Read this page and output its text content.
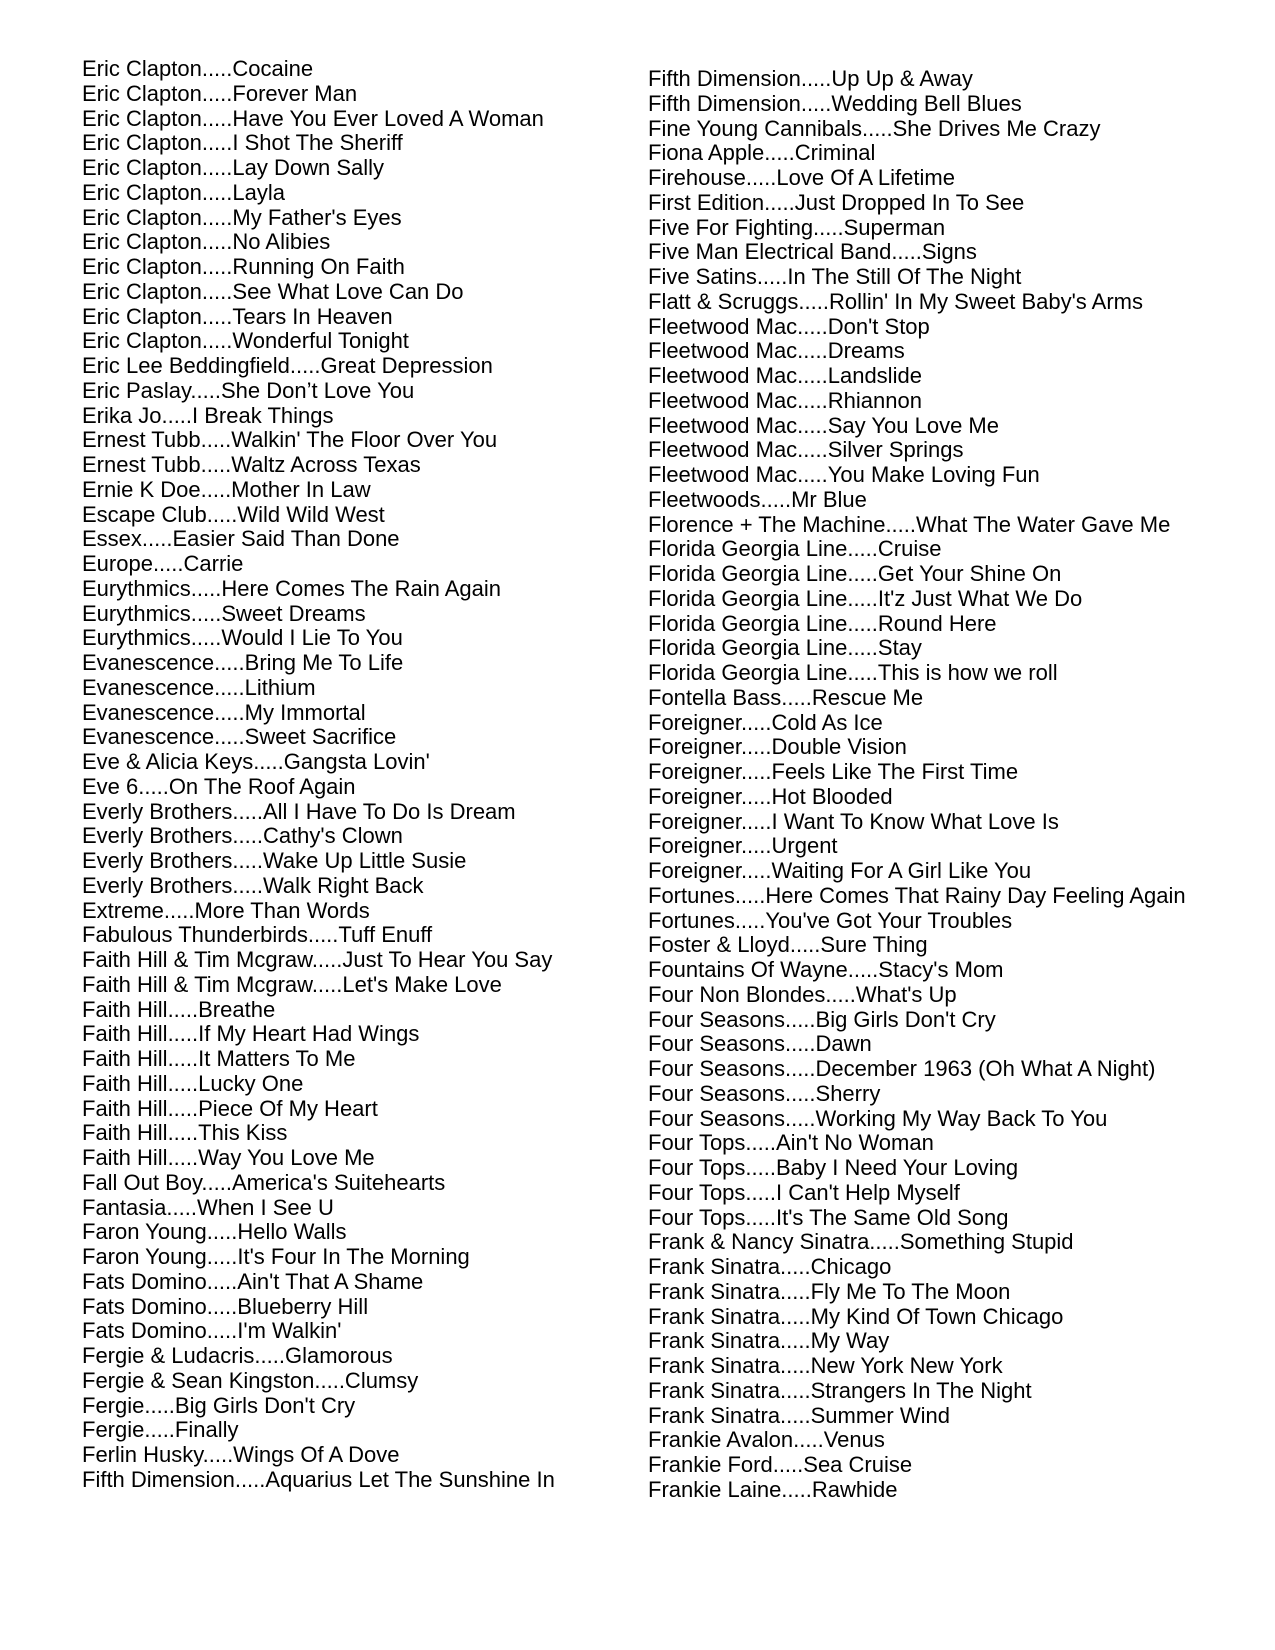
Eric Clapton.....Cocaine
Eric Clapton.....Forever Man
Eric Clapton.....Have You Ever Loved A Woman
Eric Clapton.....I Shot The Sheriff
Eric Clapton.....Lay Down Sally
Eric Clapton.....Layla
Eric Clapton.....My Father's Eyes
Eric Clapton.....No Alibies
Eric Clapton.....Running On Faith
Eric Clapton.....See What Love Can Do
Eric Clapton.....Tears In Heaven
Eric Clapton.....Wonderful Tonight
Eric Lee Beddingfield.....Great Depression
Eric Paslay.....She Don’t Love You
Erika Jo.....I Break Things
Ernest Tubb.....Walkin' The Floor Over You
Ernest Tubb.....Waltz Across Texas
Ernie K Doe.....Mother In Law
Escape Club.....Wild Wild West
Essex.....Easier Said Than Done
Europe.....Carrie
Eurythmics.....Here Comes The Rain Again
Eurythmics.....Sweet Dreams
Eurythmics.....Would I Lie To You
Evanescence.....Bring Me To Life
Evanescence.....Lithium
Evanescence.....My Immortal
Evanescence.....Sweet Sacrifice
Eve & Alicia Keys.....Gangsta Lovin'
Eve 6.....On The Roof Again
Everly Brothers.....All I Have To Do Is Dream
Everly Brothers.....Cathy's Clown
Everly Brothers.....Wake Up Little Susie
Everly Brothers.....Walk Right Back
Extreme.....More Than Words
Fabulous Thunderbirds.....Tuff Enuff
Faith Hill & Tim Mcgraw.....Just To Hear You Say
Faith Hill & Tim Mcgraw.....Let's Make Love
Faith Hill.....Breathe
Faith Hill.....If My Heart Had Wings
Faith Hill.....It Matters To Me
Faith Hill.....Lucky One
Faith Hill.....Piece Of My Heart
Faith Hill.....This Kiss
Faith Hill.....Way You Love Me
Fall Out Boy.....America's Suitehearts
Fantasia.....When I See U
Faron Young.....Hello Walls
Faron Young.....It's Four In The Morning
Fats Domino.....Ain't That A Shame
Fats Domino.....Blueberry Hill
Fats Domino.....I'm Walkin'
Fergie & Ludacris.....Glamorous
Fergie & Sean Kingston.....Clumsy
Fergie.....Big Girls Don't Cry
Fergie.....Finally
Ferlin Husky.....Wings Of A Dove
Fifth Dimension.....Aquarius Let The Sunshine In
Fifth Dimension.....Up Up & Away
Fifth Dimension.....Wedding Bell Blues
Fine Young Cannibals.....She Drives Me Crazy
Fiona Apple.....Criminal
Firehouse.....Love Of A Lifetime
First Edition.....Just Dropped In To See
Five For Fighting.....Superman
Five Man Electrical Band.....Signs
Five Satins.....In The Still Of The Night
Flatt & Scruggs.....Rollin' In My Sweet Baby's Arms
Fleetwood Mac.....Don't Stop
Fleetwood Mac.....Dreams
Fleetwood Mac.....Landslide
Fleetwood Mac.....Rhiannon
Fleetwood Mac.....Say You Love Me
Fleetwood Mac.....Silver Springs
Fleetwood Mac.....You Make Loving Fun
Fleetwoods.....Mr Blue
Florence + The Machine.....What The Water Gave Me
Florida Georgia Line.....Cruise
Florida Georgia Line.....Get Your Shine On
Florida Georgia Line.....It'z Just What We Do
Florida Georgia Line.....Round Here
Florida Georgia Line.....Stay
Florida Georgia Line.....This is how we roll
Fontella Bass.....Rescue Me
Foreigner.....Cold As Ice
Foreigner.....Double Vision
Foreigner.....Feels Like The First Time
Foreigner.....Hot Blooded
Foreigner.....I Want To Know What Love Is
Foreigner.....Urgent
Foreigner.....Waiting For A Girl Like You
Fortunes.....Here Comes That Rainy Day Feeling Again
Fortunes.....You've Got Your Troubles
Foster & Lloyd.....Sure Thing
Fountains Of Wayne.....Stacy's Mom
Four Non Blondes.....What's Up
Four Seasons.....Big Girls Don't Cry
Four Seasons.....Dawn
Four Seasons.....December 1963 (Oh What A Night)
Four Seasons.....Sherry
Four Seasons.....Working My Way Back To You
Four Tops.....Ain't No Woman
Four Tops.....Baby I Need Your Loving
Four Tops.....I Can't Help Myself
Four Tops.....It's The Same Old Song
Frank & Nancy Sinatra.....Something Stupid
Frank Sinatra.....Chicago
Frank Sinatra.....Fly Me To The Moon
Frank Sinatra.....My Kind Of Town Chicago
Frank Sinatra.....My Way
Frank Sinatra.....New York New York
Frank Sinatra.....Strangers In The Night
Frank Sinatra.....Summer Wind
Frankie Avalon.....Venus
Frankie Ford.....Sea Cruise
Frankie Laine.....Rawhide
